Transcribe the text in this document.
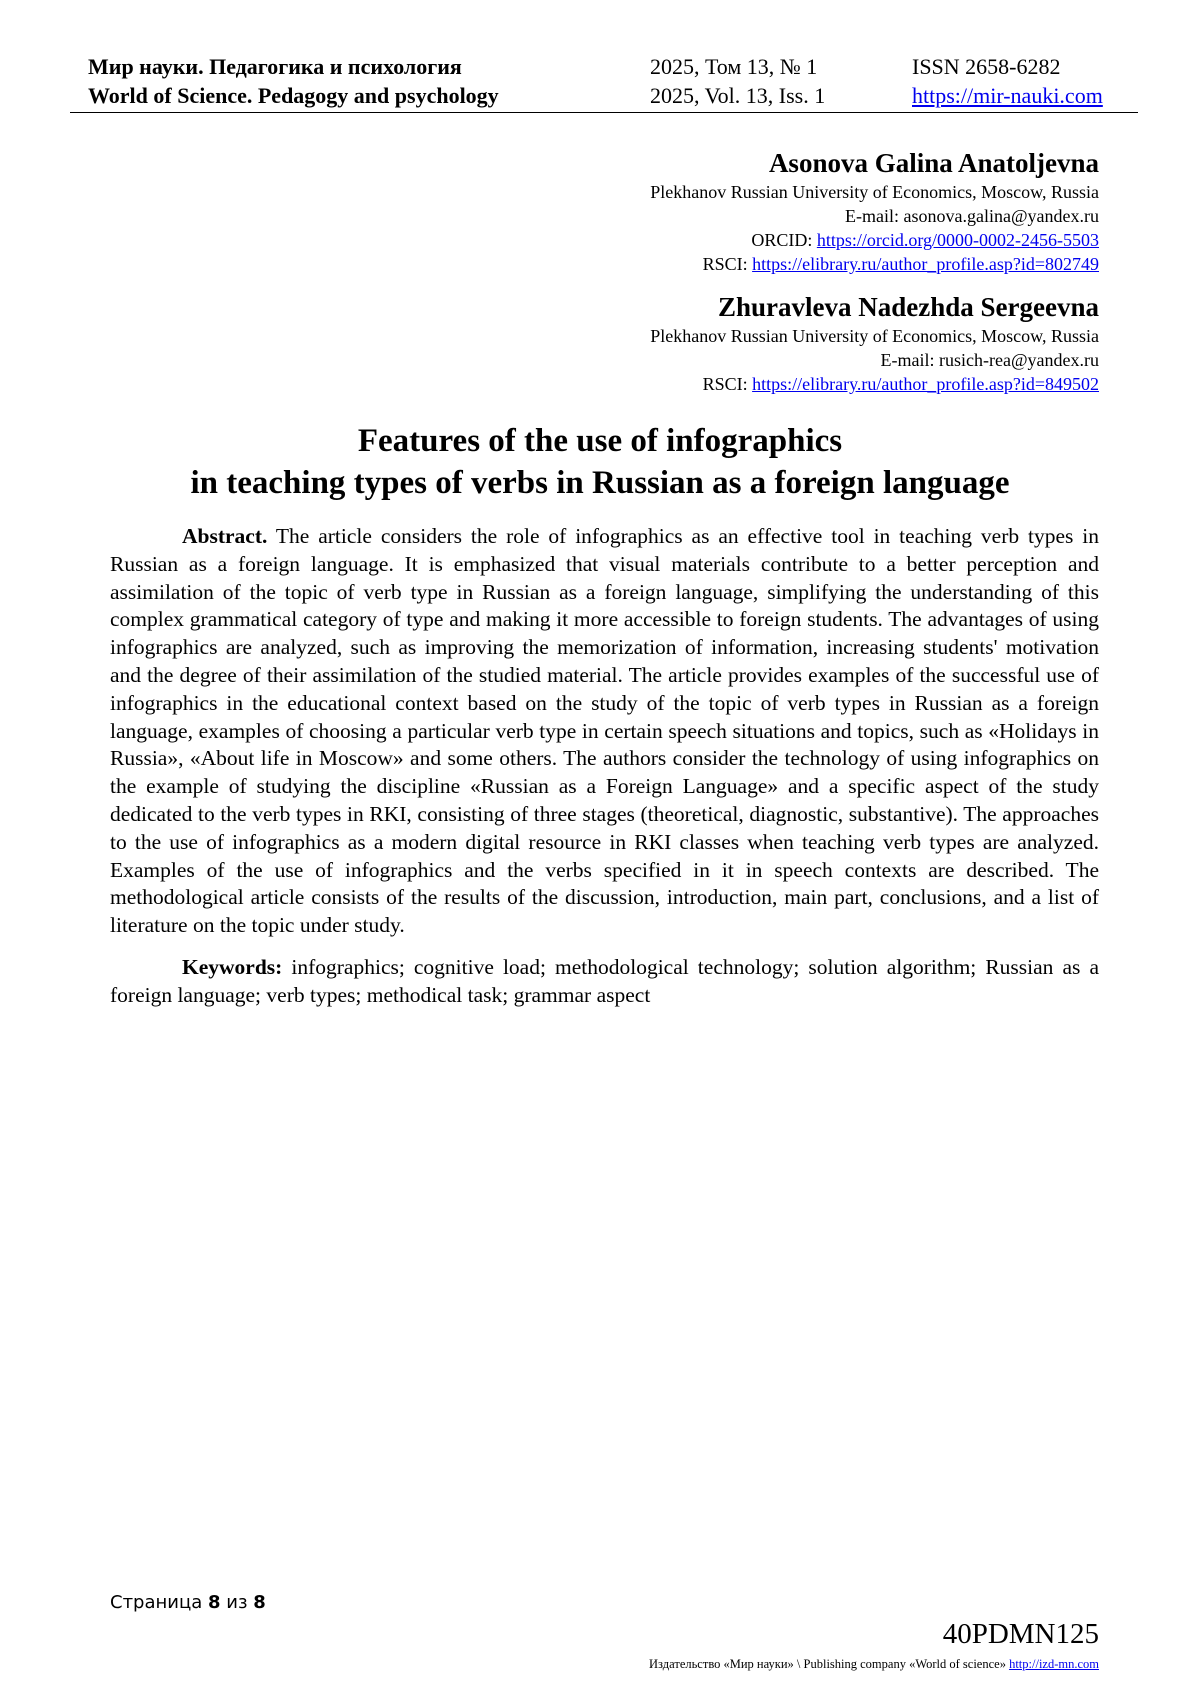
Мир науки. Педагогика и психология
World of Science. Pedagogy and psychology
2025, Том 13, № 1
2025, Vol. 13, Iss. 1
ISSN 2658-6282
https://mir-nauki.com
Asonova Galina Anatoljevna
Plekhanov Russian University of Economics, Moscow, Russia
E-mail: asonova.galina@yandex.ru
ORCID: https://orcid.org/0000-0002-2456-5503
RSCI: https://elibrary.ru/author_profile.asp?id=802749
Zhuravleva Nadezhda Sergeevna
Plekhanov Russian University of Economics, Moscow, Russia
E-mail: rusich-rea@yandex.ru
RSCI: https://elibrary.ru/author_profile.asp?id=849502
Features of the use of infographics
in teaching types of verbs in Russian as a foreign language

Abstract. The article considers the role of infographics as an effective tool in teaching verb types in Russian as a foreign language. It is emphasized that visual materials contribute to a better perception and assimilation of the topic of verb type in Russian as a foreign language, simplifying the understanding of this complex grammatical category of type and making it more accessible to foreign students. The advantages of using infographics are analyzed, such as improving the memorization of information, increasing students' motivation and the degree of their assimilation of the studied material. The article provides examples of the successful use of infographics in the educational context based on the study of the topic of verb types in Russian as a foreign language, examples of choosing a particular verb type in certain speech situations and topics, such as «Holidays in Russia», «About life in Moscow» and some others. The authors consider the technology of using infographics on the example of studying the discipline «Russian as a Foreign Language» and a specific aspect of the study dedicated to the verb types in RKI, consisting of three stages (theoretical, diagnostic, substantive). The approaches to the use of infographics as a modern digital resource in RKI classes when teaching verb types are analyzed. Examples of the use of infographics and the verbs specified in it in speech contexts are described. The methodological article consists of the results of the discussion, introduction, main part, conclusions, and a list of literature on the topic under study.

Keywords: infographics; cognitive load; methodological technology; solution algorithm; Russian as a foreign language; verb types; methodical task; grammar aspect

Страница 8 из 8
40PDMN125
Издательство «Мир науки» \ Publishing company «World of science» http://izd-mn.com
